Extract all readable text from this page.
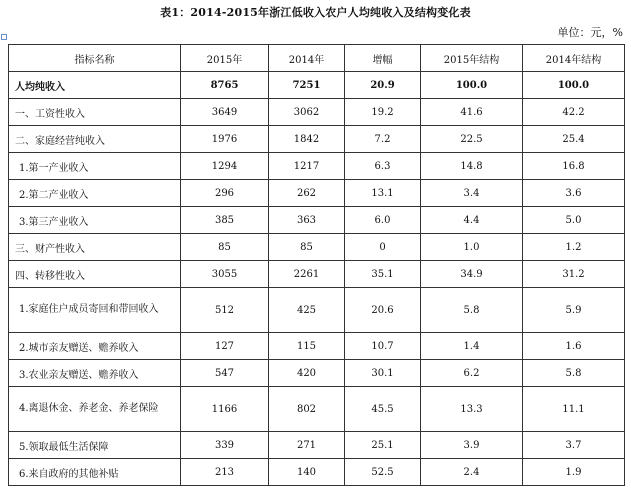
表1：2014-2015年浙江低收入农户人均纯收入及结构变化表
单位：元，%
指标名称	2015年	2014年	增幅	2015年结构	2014年结构
人均纯收入	8765	7251	20.9	100.0	100.0
一、工资性收入	3649	3062	19.2	41.6	42.2
二、家庭经营纯收入	1976	1842	7.2	22.5	25.4
1.第一产业收入	1294	1217	6.3	14.8	16.8
2.第二产业收入	296	262	13.1	3.4	3.6
3.第三产业收入	385	363	6.0	4.4	5.0
三、财产性收入	85	85	0	1.0	1.2
四、转移性收入	3055	2261	35.1	34.9	31.2

1.家庭住户成员寄回和带回收入	512	425	20.6	5.8	5.9
2.城市亲友赠送、赡养收入	127	115	10.7	1.4	1.6
3.农业亲友赠送、赡养收入	547	420	30.1	6.2	5.8

4.离退休金、养老金、养老保险	1166	802	45.5	13.3	11.1
5.领取最低生活保障	339	271	25.1	3.9	3.7
6.来自政府的其他补贴	213	140	52.5	2.4	1.9
